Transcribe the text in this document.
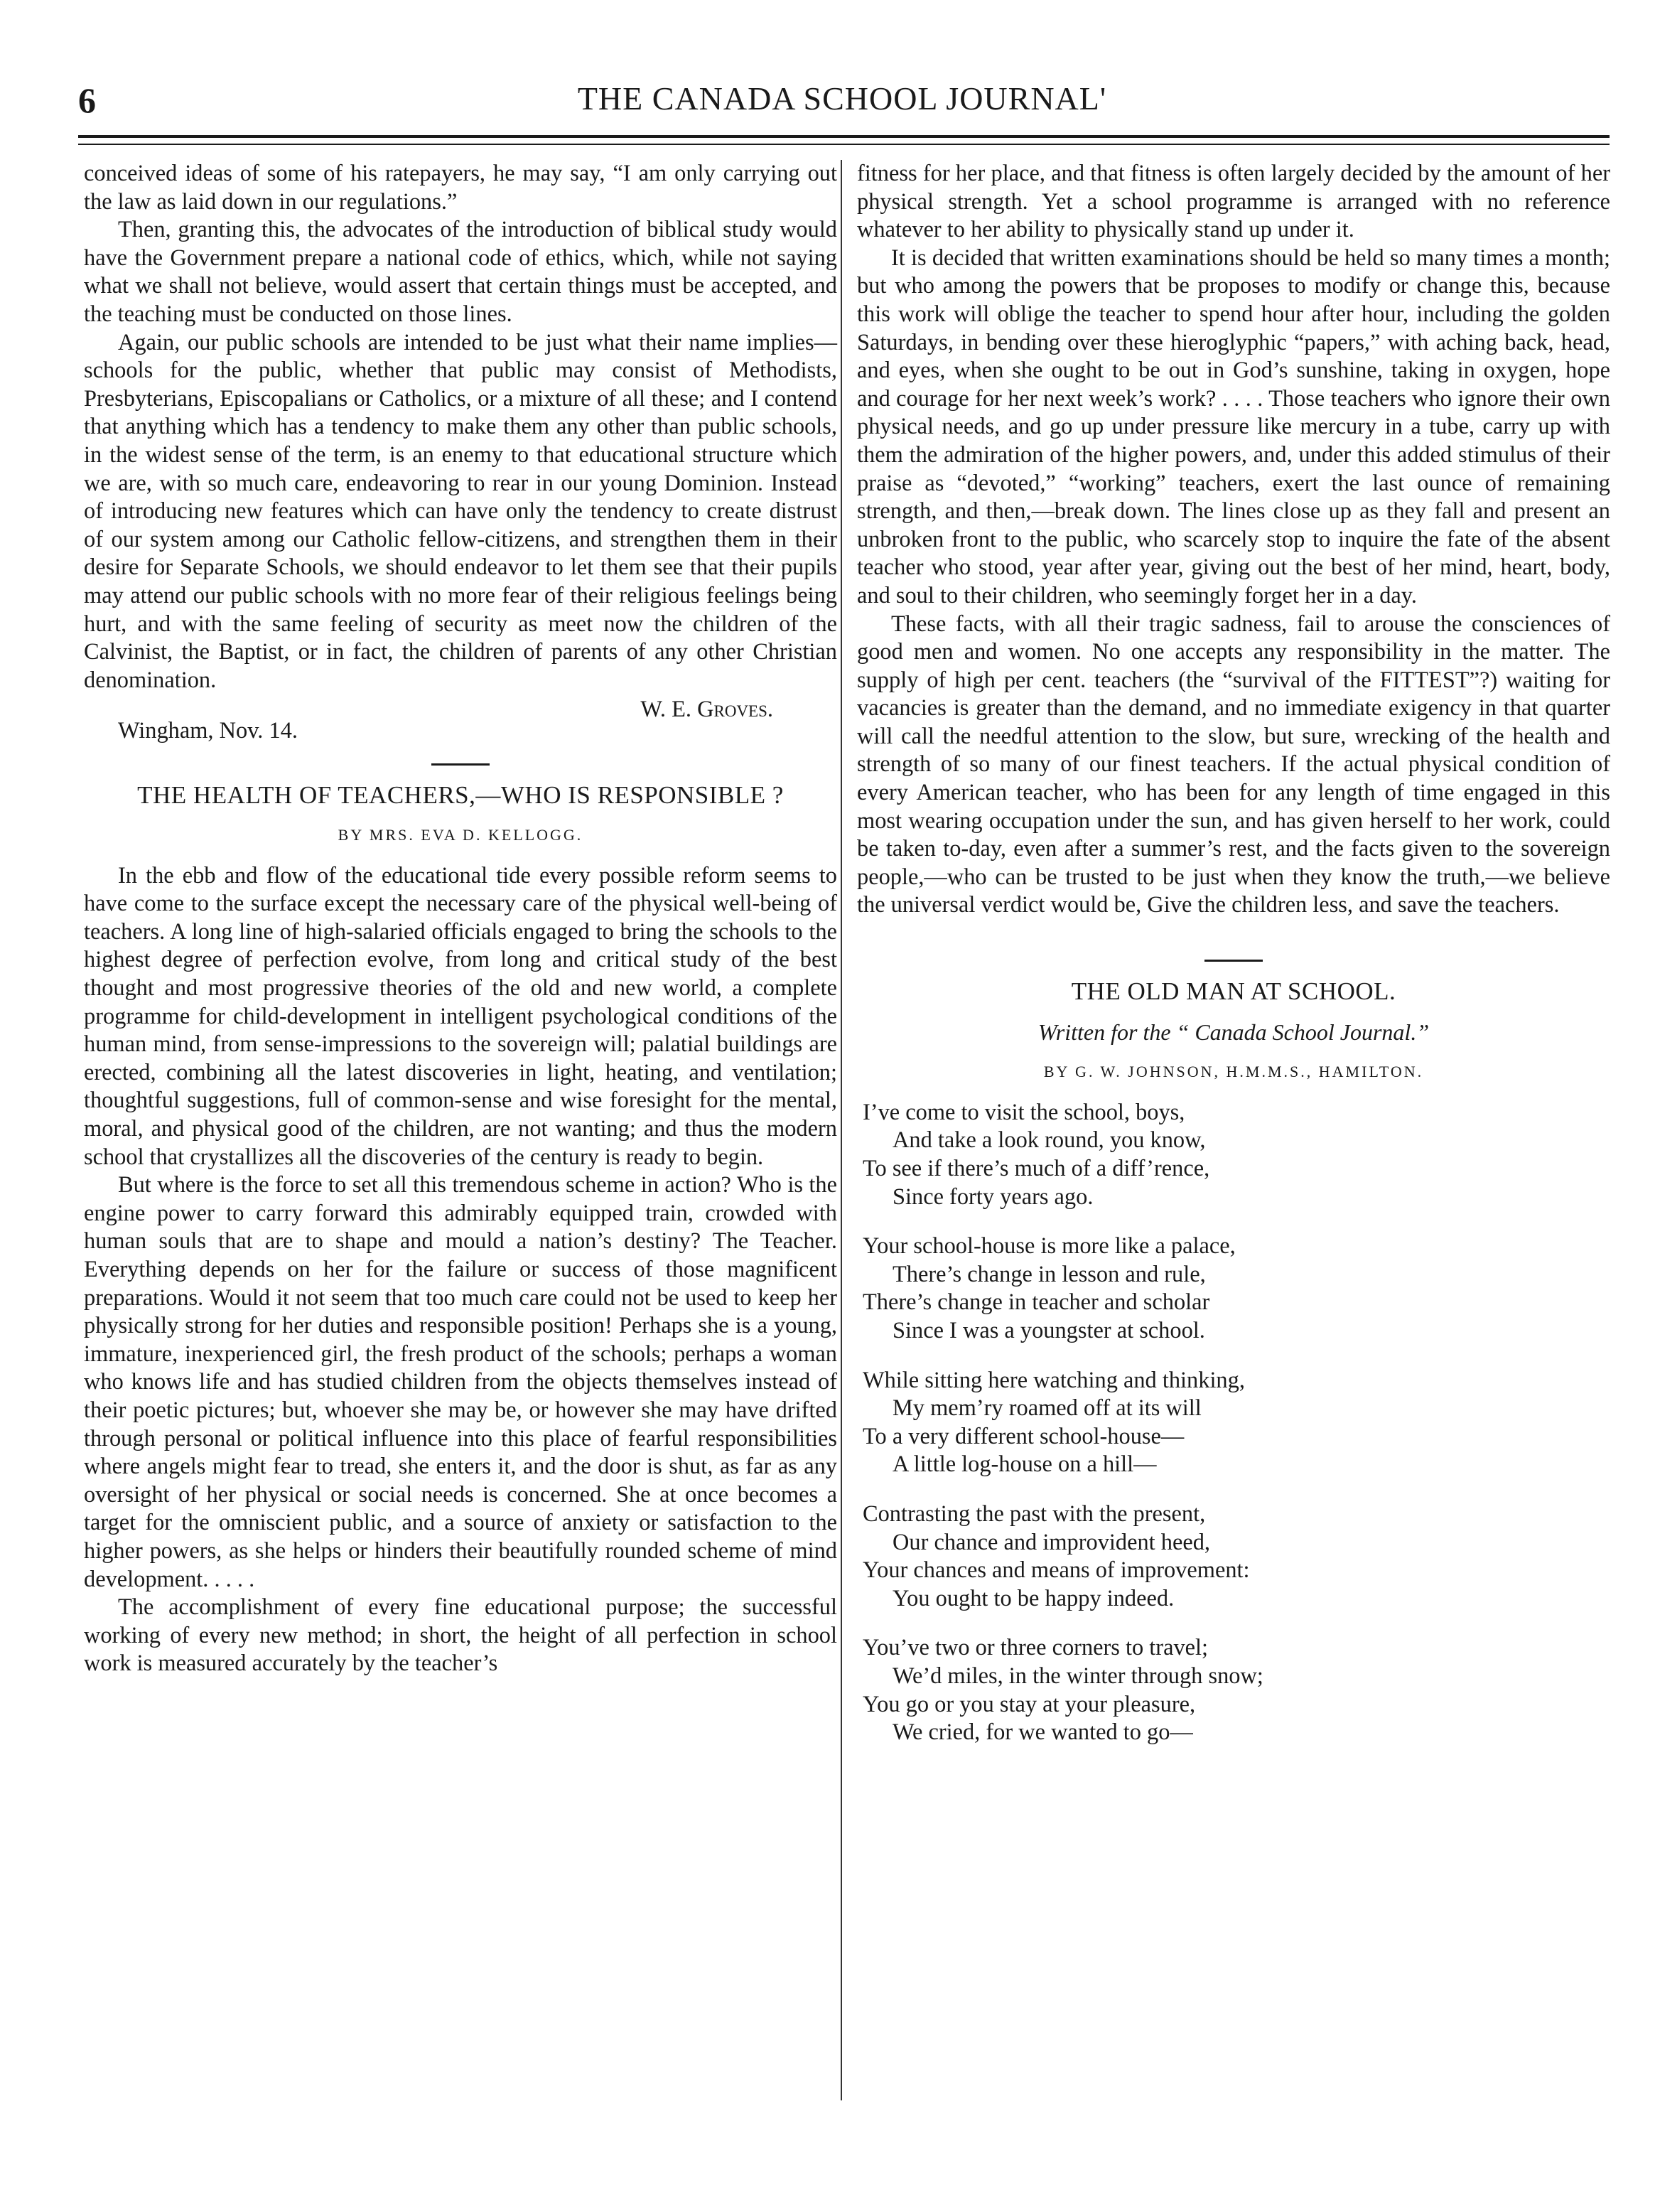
6	THE CANADA SCHOOL JOURNAL'

conceived ideas of some of his ratepayers, he may say, “I am only carrying out the law as laid down in our regulations.”

Then, granting this, the advocates of the introduction of biblical study would have the Government prepare a national code of ethics, which, while not saying what we shall not believe, would assert that certain things must be accepted, and the teaching must be conducted on those lines.

Again, our public schools are intended to be just what their name implies—schools for the public, whether that public may consist of Methodists, Presbyterians, Episcopalians or Catholics, or a mixture of all these; and I contend that anything which has a tendency to make them any other than public schools, in the widest sense of the term, is an enemy to that educational structure which we are, with so much care, endeavoring to rear in our young Dominion. Instead of introducing new features which can have only the tendency to create distrust of our system among our Catholic fellow-citizens, and strengthen them in their desire for Separate Schools, we should endeavor to let them see that their pupils may attend our public schools with no more fear of their religious feelings being hurt, and with the same feeling of security as meet now the children of the Calvinist, the Baptist, or in fact, the children of parents of any other Christian denomination.

W. E. Groves.
Wingham, Nov. 14.
THE HEALTH OF TEACHERS,—WHO IS RESPONSIBLE ?
BY MRS. EVA D. KELLOGG.

In the ebb and flow of the educational tide every possible reform seems to have come to the surface except the necessary care of the physical well-being of teachers. A long line of high-salaried officials engaged to bring the schools to the highest degree of perfection evolve, from long and critical study of the best thought and most progressive theories of the old and new world, a complete programme for child-development in intelligent psychological conditions of the human mind, from sense-impressions to the sovereign will; palatial buildings are erected, combining all the latest discoveries in light, heating, and ventilation; thoughtful suggestions, full of common-sense and wise foresight for the mental, moral, and physical good of the children, are not wanting; and thus the modern school that crystallizes all the discoveries of the century is ready to begin.

But where is the force to set all this tremendous scheme in action? Who is the engine power to carry forward this admirably equipped train, crowded with human souls that are to shape and mould a nation’s destiny? The Teacher. Everything depends on her for the failure or success of those magnificent preparations. Would it not seem that too much care could not be used to keep her physically strong for her duties and responsible position! Perhaps she is a young, immature, inexperienced girl, the fresh product of the schools; perhaps a woman who knows life and has studied children from the objects themselves instead of their poetic pictures; but, whoever she may be, or however she may have drifted through personal or political influence into this place of fearful responsibilities where angels might fear to tread, she enters it, and the door is shut, as far as any oversight of her physical or social needs is concerned. She at once becomes a target for the omniscient public, and a source of anxiety or satisfaction to the higher powers, as she helps or hinders their beautifully rounded scheme of mind development. . . . .

The accomplishment of every fine educational purpose; the successful working of every new method; in short, the height of all perfection in school work is measured accurately by the teacher’s

fitness for her place, and that fitness is often largely decided by the amount of her physical strength. Yet a school programme is arranged with no reference whatever to her ability to physically stand up under it.

It is decided that written examinations should be held so many times a month; but who among the powers that be proposes to modify or change this, because this work will oblige the teacher to spend hour after hour, including the golden Saturdays, in bending over these hieroglyphic “papers,” with aching back, head, and eyes, when she ought to be out in God’s sunshine, taking in oxygen, hope and courage for her next week’s work? . . . . Those teachers who ignore their own physical needs, and go up under pressure like mercury in a tube, carry up with them the admiration of the higher powers, and, under this added stimulus of their praise as “devoted,” “working” teachers, exert the last ounce of remaining strength, and then,—break down. The lines close up as they fall and present an unbroken front to the public, who scarcely stop to inquire the fate of the absent teacher who stood, year after year, giving out the best of her mind, heart, body, and soul to their children, who seemingly forget her in a day.

These facts, with all their tragic sadness, fail to arouse the consciences of good men and women. No one accepts any responsibility in the matter. The supply of high per cent. teachers (the “survival of the FITTEST”?) waiting for vacancies is greater than the demand, and no immediate exigency in that quarter will call the needful attention to the slow, but sure, wrecking of the health and strength of so many of our finest teachers. If the actual physical condition of every American teacher, who has been for any length of time engaged in this most wearing occupation under the sun, and has given herself to her work, could be taken to-day, even after a summer’s rest, and the facts given to the sovereign people,—who can be trusted to be just when they know the truth,—we believe the universal verdict would be, Give the children less, and save the teachers.

THE OLD MAN AT SCHOOL.
Written for the “ Canada School Journal.”
BY G. W. JOHNSON, H.M.M.S., HAMILTON.
I’ve come to visit the school, boys,
And take a look round, you know,
To see if there’s much of a diff’rence,
Since forty years ago.
Your school-house is more like a palace,
There’s change in lesson and rule,
There’s change in teacher and scholar
Since I was a youngster at school.
While sitting here watching and thinking,
My mem’ry roamed off at its will
To a very different school-house—
A little log-house on a hill—
Contrasting the past with the present,
Our chance and improvident heed,
Your chances and means of improvement:
You ought to be happy indeed.
You’ve two or three corners to travel;
We’d miles, in the winter through snow;
You go or you stay at your pleasure,
We cried, for we wanted to go—
